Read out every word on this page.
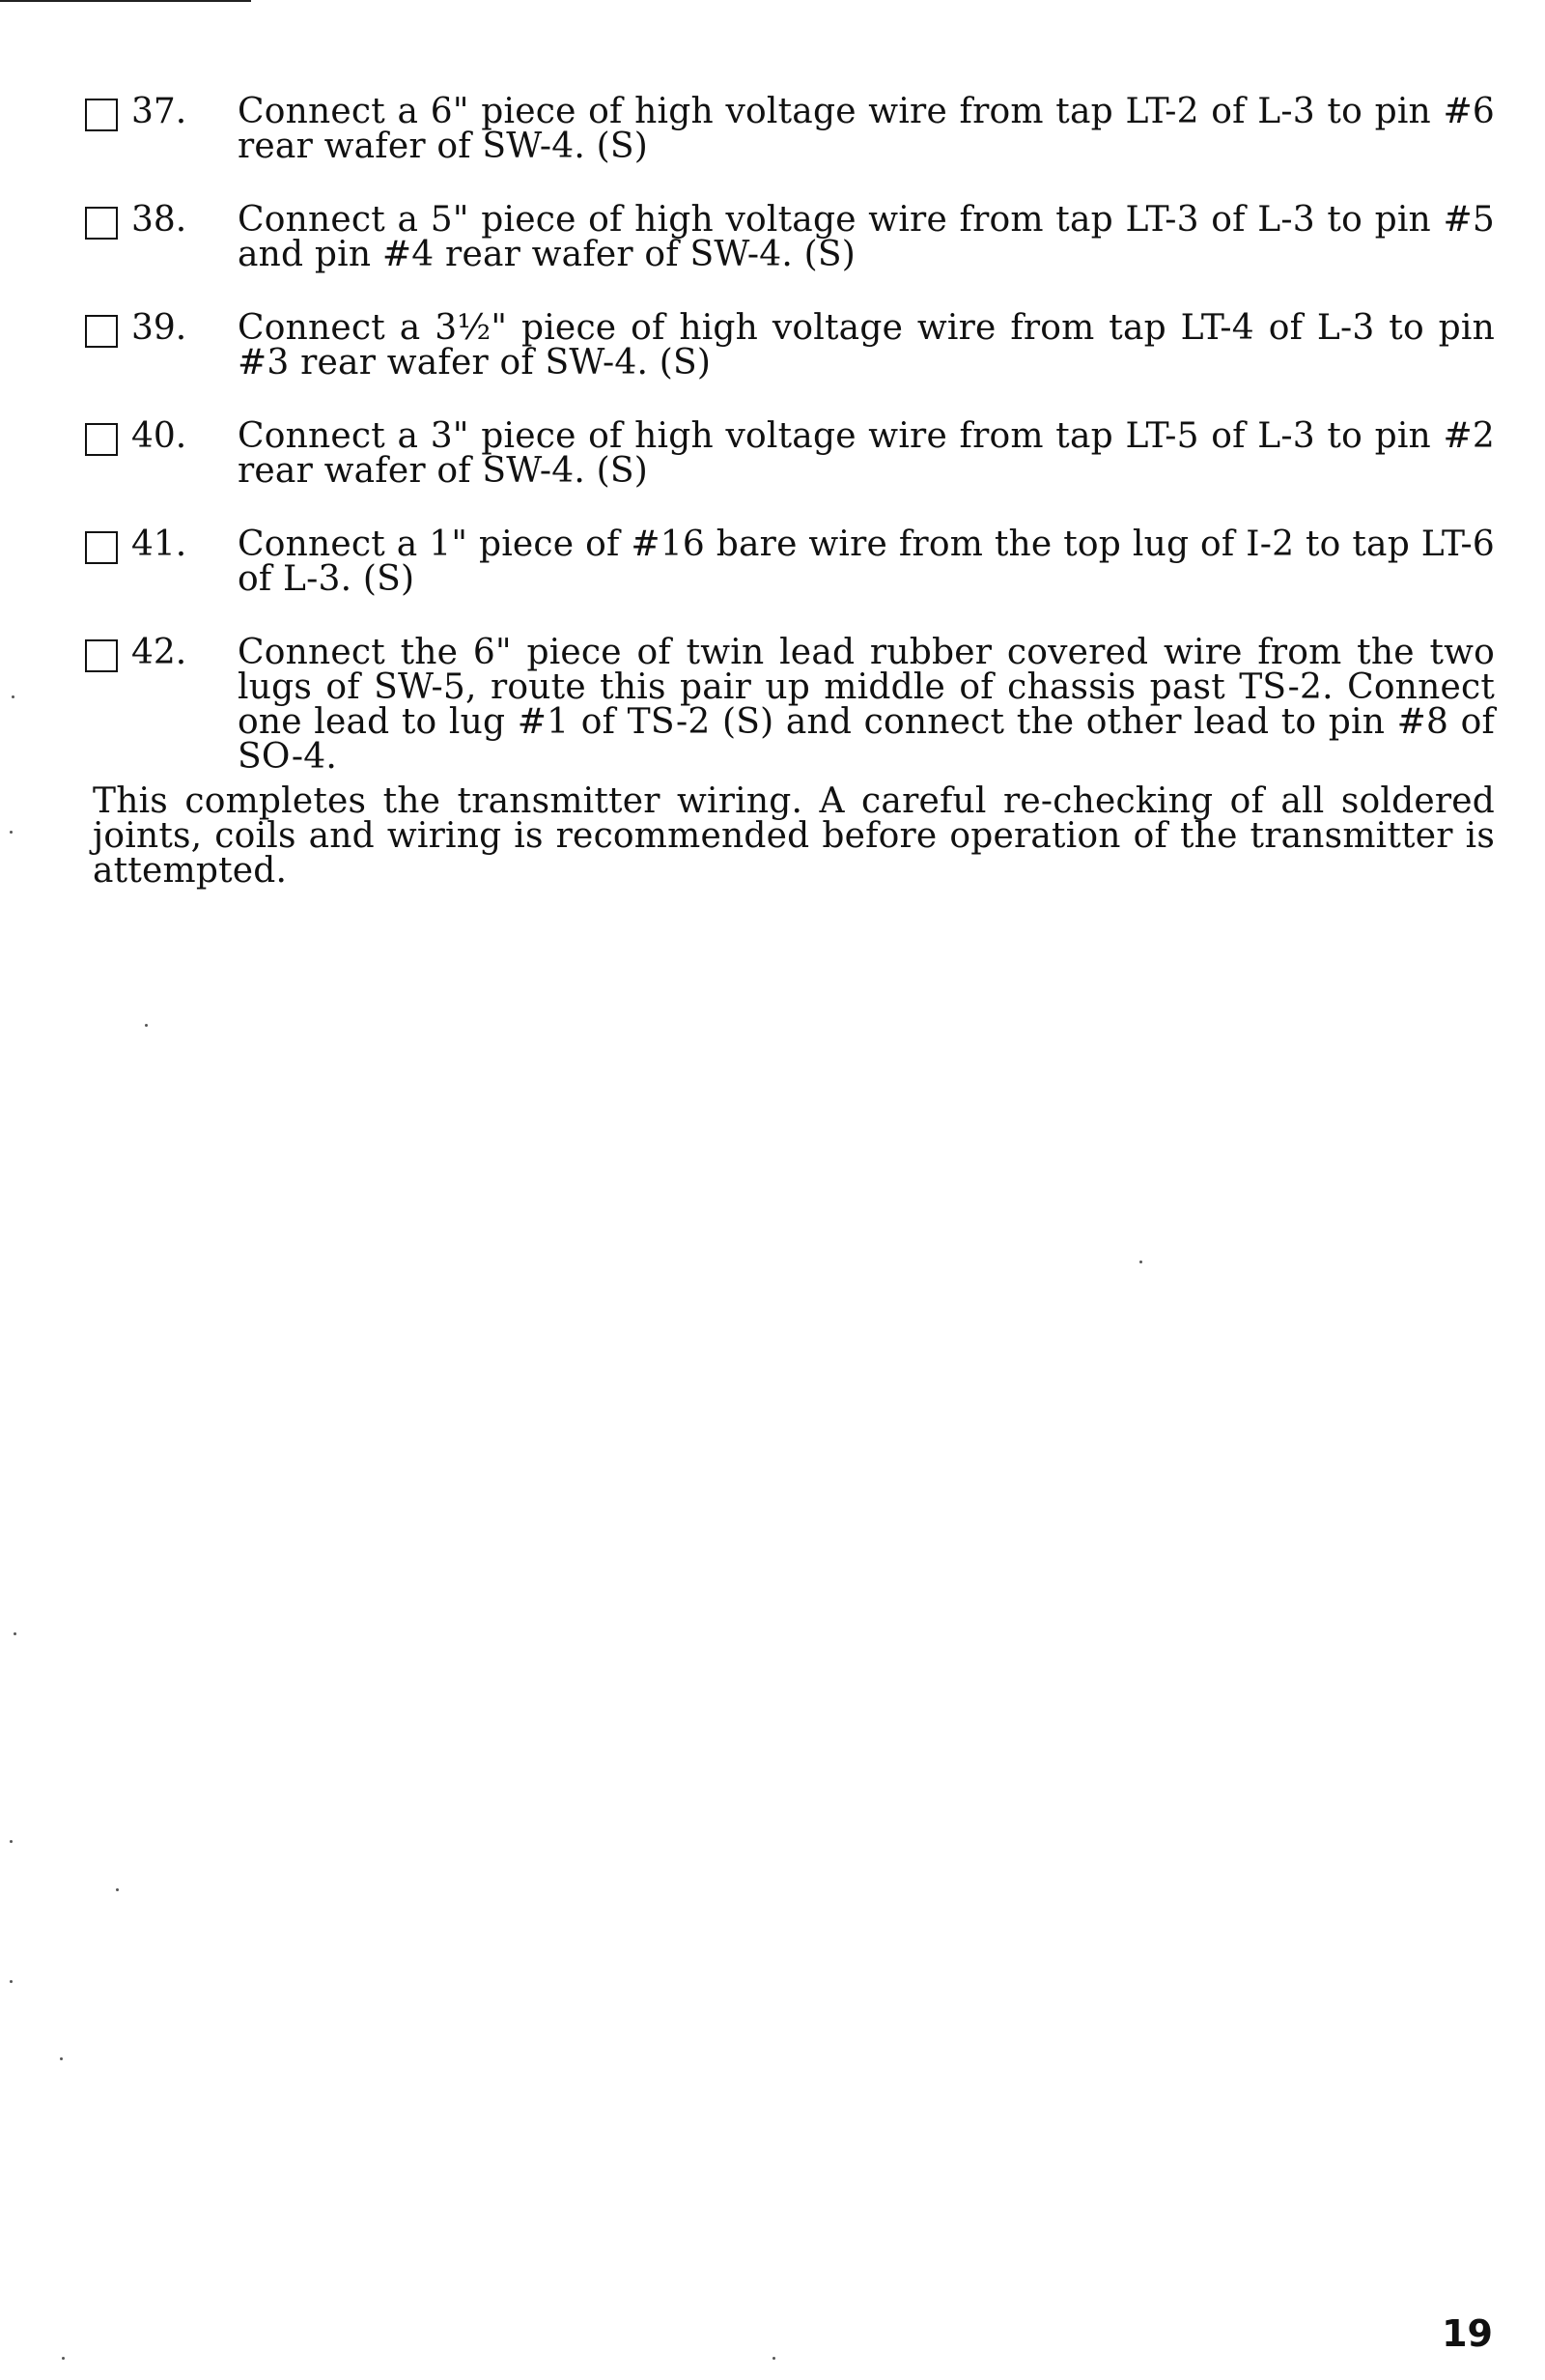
37.	Connect a 6" piece of high voltage wire from tap LT-2 of L-3 to pin #6 rear wafer of SW-4. (S)
38.	Connect a 5" piece of high voltage wire from tap LT-3 of L-3 to pin #5 and pin #4 rear wafer of SW-4. (S)
39.	Connect a 3½" piece of high voltage wire from tap LT-4 of L-3 to pin #3 rear wafer of SW-4. (S)
40.	Connect a 3" piece of high voltage wire from tap LT-5 of L-3 to pin #2 rear wafer of SW-4. (S)
41.	Connect a 1" piece of #16 bare wire from the top lug of I-2 to tap LT-6 of L-3. (S)
42.	Connect the 6" piece of twin lead rubber covered wire from the two lugs of SW-5, route this pair up middle of chassis past TS-2. Connect one lead to lug #1 of TS-2 (S) and connect the other lead to pin #8 of SO-4.
This completes the transmitter wiring. A careful re-checking of all soldered joints, coils and wiring is recommended before operation of the transmitter is attempted.
19
